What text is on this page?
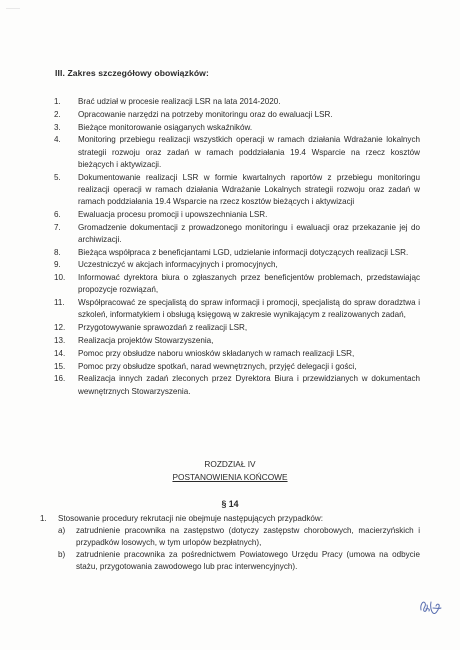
III. Zakres szczegółowy obowiązków:
1.	Brać udział w procesie realizacji LSR na lata 2014-2020.
2.	Opracowanie narzędzi na potrzeby monitoringu oraz do ewaluacji LSR.
3.	Bieżące monitorowanie osiąganych wskaźników.
4.	Monitoring przebiegu realizacji wszystkich operacji w ramach działania Wdrażanie lokalnych strategii rozwoju oraz zadań w ramach poddziałania 19.4 Wsparcie na rzecz kosztów bieżących i aktywizacji.
5.	Dokumentowanie realizacji LSR w formie kwartalnych raportów z przebiegu monitoringu realizacji operacji w ramach działania Wdrażanie Lokalnych strategii rozwoju oraz zadań w ramach poddziałania 19.4 Wsparcie na rzecz kosztów bieżących i aktywizacji
6.	Ewaluacja procesu promocji i upowszechniania LSR.
7.	Gromadzenie dokumentacji z prowadzonego monitoringu i ewaluacji oraz przekazanie jej do archiwizacji.
8.	Bieżąca współpraca z beneficjantami LGD, udzielanie informacji dotyczących realizacji LSR.
9.	Uczestniczyć w akcjach informacyjnych i promocyjnych,
10.	Informować dyrektora biura o zgłaszanych przez beneficjentów problemach, przedstawiając propozycje rozwiązań,
11.	Współpracować ze specjalistą do spraw informacji i promocji, specjalistą do spraw doradztwa i szkoleń, informatykiem i obsługą księgową w zakresie wynikającym z realizowanych zadań,
12.	Przygotowywanie sprawozdań z realizacji LSR,
13.	Realizacja projektów Stowarzyszenia,
14.	Pomoc przy obsłudze naboru wniosków składanych w ramach realizacji LSR,
15.	Pomoc przy obsłudze spotkań, narad wewnętrznych, przyjęć delegacji i gości,
16.	Realizacja innych zadań zleconych przez Dyrektora Biura i przewidzianych w dokumentach wewnętrznych Stowarzyszenia.
ROZDZIAŁ IV
POSTANOWIENIA KOŃCOWE
§ 14
1. Stosowanie procedury rekrutacji nie obejmuje następujących przypadków:
a) zatrudnienie pracownika na zastępstwo (dotyczy zastępstw chorobowych, macierzyńskich i przypadków losowych, w tym urlopów bezpłatnych),
b) zatrudnienie pracownika za pośrednictwem Powiatowego Urzędu Pracy (umowa na odbycie stażu, przygotowania zawodowego lub prac interwencyjnych).
